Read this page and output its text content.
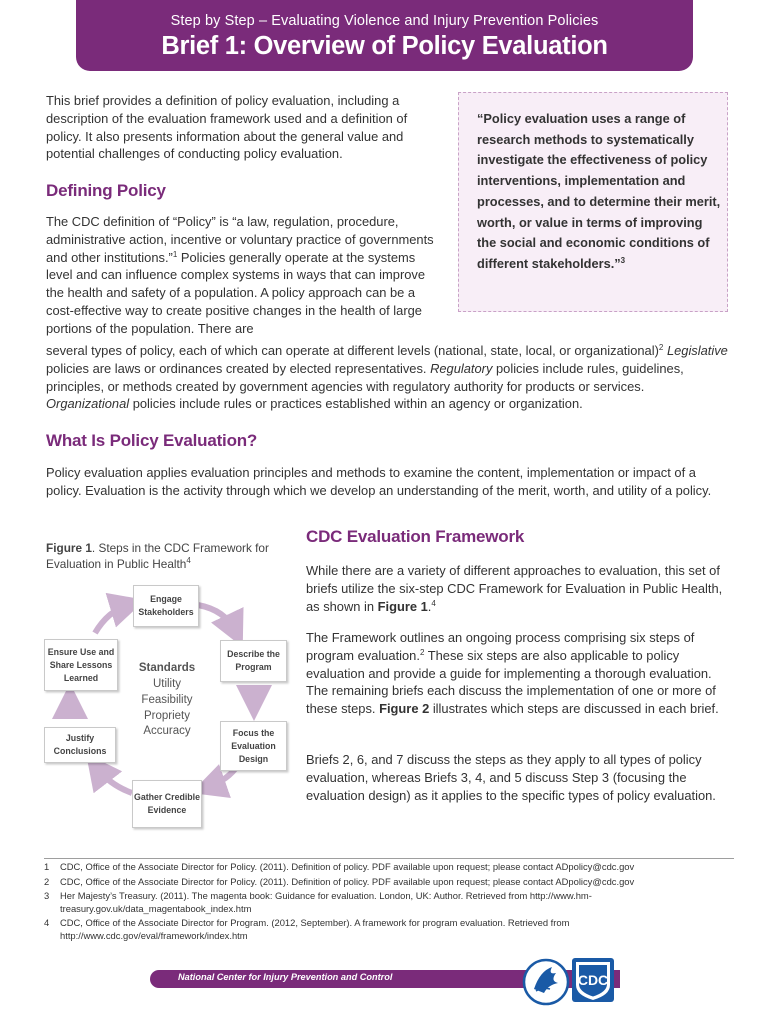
Step by Step – Evaluating Violence and Injury Prevention Policies
Brief 1: Overview of Policy Evaluation
This brief provides a definition of policy evaluation, including a description of the evaluation framework used and a definition of policy. It also presents information about the general value and potential challenges of conducting policy evaluation.
“Policy evaluation uses a range of research methods to systematically investigate the effectiveness of policy interventions, implementation and processes, and to determine their merit, worth, or value in terms of improving the social and economic conditions of different stakeholders.”$^3$
Defining Policy
The CDC definition of “Policy” is “a law, regulation, procedure, administrative action, incentive or voluntary practice of governments and other institutions.”$^1$ Policies generally operate at the systems level and can influence complex systems in ways that can improve the health and safety of a population. A policy approach can be a cost-effective way to create positive changes in the health of large portions of the population. There are
several types of policy, each of which can operate at different levels (national, state, local, or organizational)$^2$ Legislative policies are laws or ordinances created by elected representatives. Regulatory policies include rules, guidelines, principles, or methods created by government agencies with regulatory authority for products or services. Organizational policies include rules or practices established within an agency or organization.
What Is Policy Evaluation?
Policy evaluation applies evaluation principles and methods to examine the content, implementation or impact of a policy. Evaluation is the activity through which we develop an understanding of the merit, worth, and utility of a policy.
Figure 1. Steps in the CDC Framework for Evaluation in Public Health$^4$
Engage Stakeholders
Describe the Program
Focus the Evaluation Design
Gather Credible Evidence
Justify Conclusions
Ensure Use and Share Lessons Learned
Standards
Utility
Feasibility
Propriety
Accuracy
CDC Evaluation Framework
While there are a variety of different approaches to evaluation, this set of briefs utilize the six-step CDC Framework for Evaluation in Public Health, as shown in Figure 1.$^4$
The Framework outlines an ongoing process comprising six steps of program evaluation.$^2$ These six steps are also applicable to policy evaluation and provide a guide for implementing a thorough evaluation. The remaining briefs each discuss the implementation of one or more of these steps. Figure 2 illustrates which steps are discussed in each brief.
Briefs 2, 6, and 7 discuss the steps as they apply to all types of policy evaluation, whereas Briefs 3, 4, and 5 discuss Step 3 (focusing the evaluation design) as it applies to the specific types of policy evaluation.
1	CDC, Office of the Associate Director for Policy. (2011). Definition of policy. PDF available upon request; please contact ADpolicy@cdc.gov
2	CDC, Office of the Associate Director for Policy. (2011). Definition of policy. PDF available upon request; please contact ADpolicy@cdc.gov
3	Her Majesty’s Treasury. (2011). The magenta book: Guidance for evaluation. London, UK: Author. Retrieved from http://www.hm-treasury.gov.uk/data_magentabook_index.htm
4	CDC, Office of the Associate Director for Program. (2012, September). A framework for program evaluation. Retrieved from http://www.cdc.gov/eval/framework/index.htm
National Center for Injury Prevention and Control	CDC
